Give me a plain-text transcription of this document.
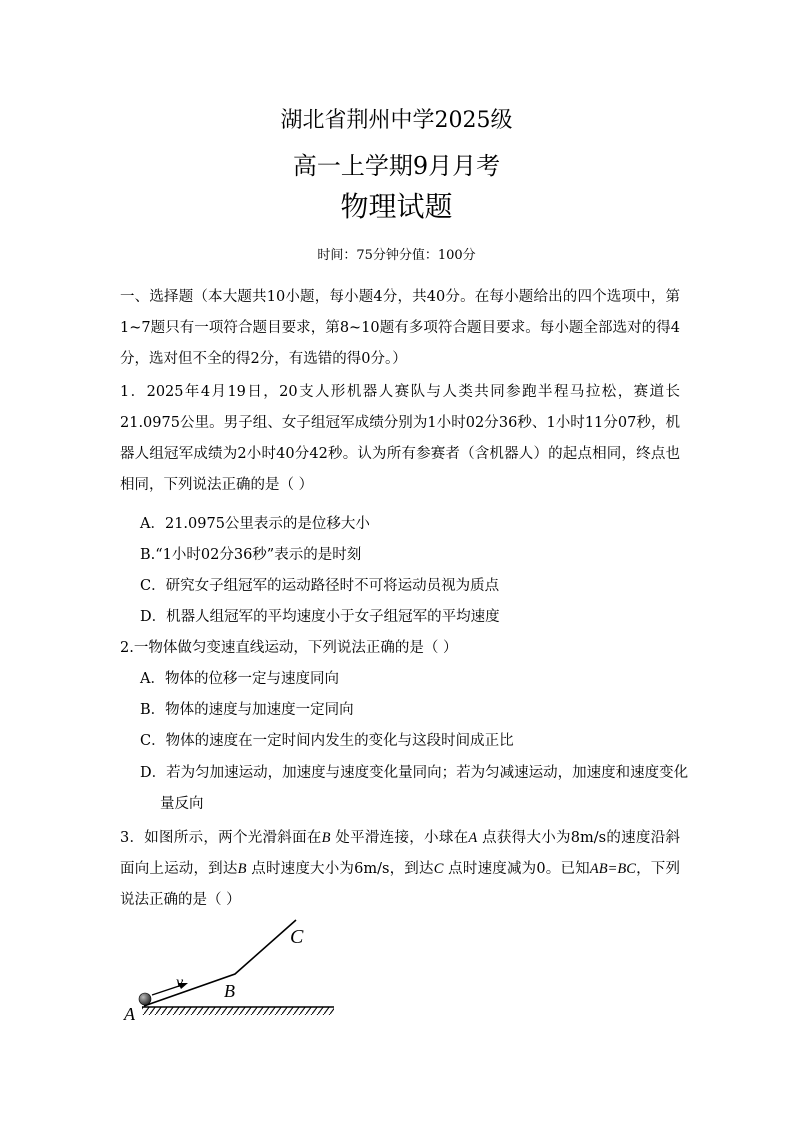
湖北省荆州中学2025级
高一上学期9月月考
物理试题
时间：75分钟分值：100分
一、选择题（本大题共10小题，每小题4分，共40分。在每小题给出的四个选项中，第1~7题只有一项符合题目要求，第8~10题有多项符合题目要求。每小题全部选对的得4分，选对但不全的得2分，有选错的得0分。）
1．2025年4月19日，20支人形机器人赛队与人类共同参跑半程马拉松，赛道长21.0975公里。男子组、女子组冠军成绩分别为1小时02分36秒、1小时11分07秒，机器人组冠军成绩为2小时40分42秒。认为所有参赛者（含机器人）的起点相同，终点也相同，下列说法正确的是（ ）
A．21.0975公里表示的是位移大小
B.“1小时02分36秒”表示的是时刻
C．研究女子组冠军的运动路径时不可将运动员视为质点
D．机器人组冠军的平均速度小于女子组冠军的平均速度
2.一物体做匀变速直线运动，下列说法正确的是（ ）
A．物体的位移一定与速度同向
B．物体的速度与加速度一定同向
C．物体的速度在一定时间内发生的变化与这段时间成正比
D．若为匀加速运动，加速度与速度变化量同向；若为匀减速运动，加速度和速度变化
量反向
3．如图所示，两个光滑斜面在B 处平滑连接，小球在A 点获得大小为8m/s的速度沿斜面向上运动，到达B 点时速度大小为6m/s，到达C 点时速度减为0。已知AB=BC，下列说法正确的是（ ）
v
A
B
C
